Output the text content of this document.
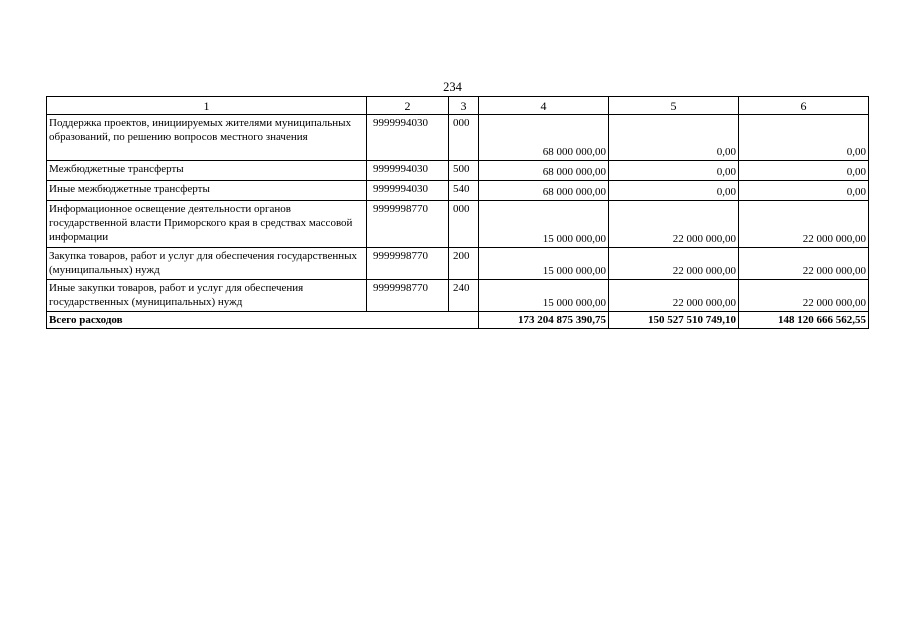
234
1	2	3	4	5	6
Поддержка проектов, инициируемых жителями муниципальных образований, по решению вопросов местного значения	9999994030	000	68 000 000,00	0,00	0,00
Межбюджетные трансферты	9999994030	500	68 000 000,00	0,00	0,00
Иные межбюджетные трансферты	9999994030	540	68 000 000,00	0,00	0,00
Информационное освещение деятельности органов государственной власти Приморского края в средствах массовой информации	9999998770	000	15 000 000,00	22 000 000,00	22 000 000,00
Закупка товаров, работ и услуг для обеспечения государственных (муниципальных) нужд	9999998770	200	15 000 000,00	22 000 000,00	22 000 000,00
Иные закупки товаров, работ и услуг для обеспечения государственных (муниципальных) нужд	9999998770	240	15 000 000,00	22 000 000,00	22 000 000,00
Всего расходов			173 204 875 390,75	150 527 510 749,10	148 120 666 562,55
